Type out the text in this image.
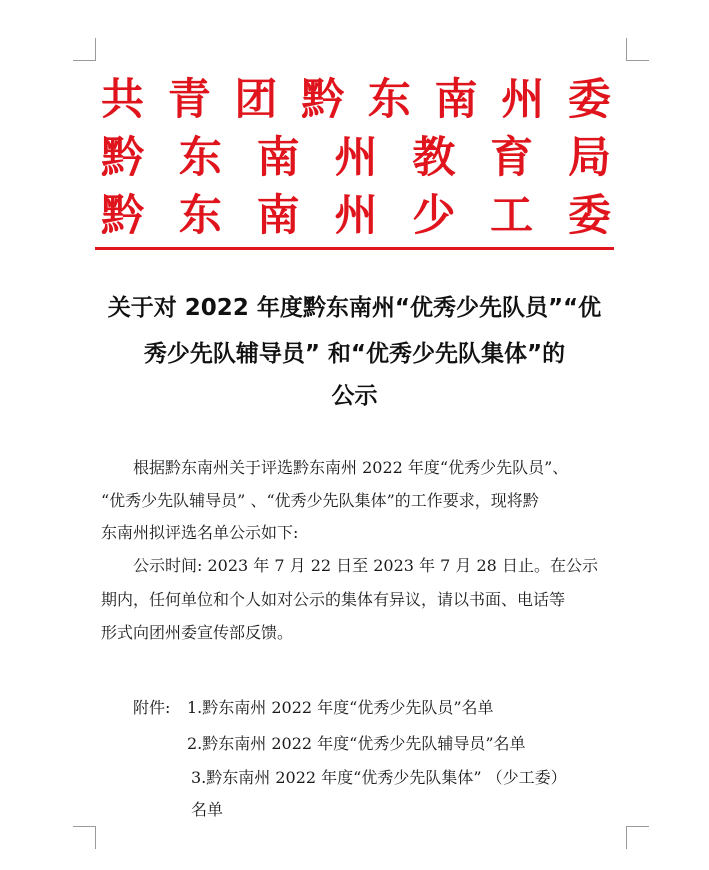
共 青 团 黔 东 南 州 委
黔 东 南 州 教 育 局
黔 东 南 州 少 工 委
关于对 2022 年度黔东南州“优秀少先队员”“优
秀少先队辅导员” 和“优秀少先队集体”的
公示
根据黔东南州关于评选黔东南州 2022 年度“优秀少先队员”、
“优秀少先队辅导员” 、“优秀少先队集体”的工作要求，现将黔
东南州拟评选名单公示如下:
公示时间: 2023 年 7 月 22 日至 2023 年 7 月 28 日止。在公示
期内，任何单位和个人如对公示的集体有异议，请以书面、电话等
形式向团州委宣传部反馈。
附件: 1.黔东南州 2022 年度“优秀少先队员”名单
2.黔东南州 2022 年度“优秀少先队辅导员”名单
3.黔东南州 2022 年度“优秀少先队集体” （少工委）
名单
